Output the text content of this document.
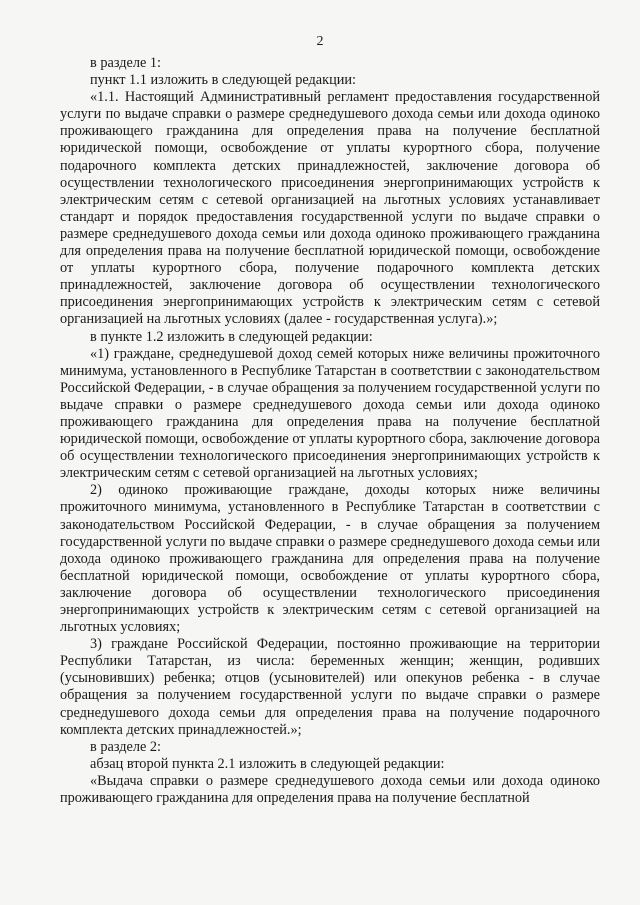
2

в разделе 1:

пункт 1.1 изложить в следующей редакции:

«1.1. Настоящий Административный регламент предоставления государственной услуги по выдаче справки о размере среднедушевого дохода семьи или дохода одиноко проживающего гражданина для определения права на получение бесплатной юридической помощи, освобождение от уплаты курортного сбора, получение подарочного комплекта детских принадлежностей, заключение договора об осуществлении технологического присоединения энергопринимающих устройств к электрическим сетям с сетевой организацией на льготных условиях устанавливает стандарт и порядок предоставления государственной услуги по выдаче справки о размере среднедушевого дохода семьи или дохода одиноко проживающего гражданина для определения права на получение бесплатной юридической помощи, освобождение от уплаты курортного сбора, получение подарочного комплекта детских принадлежностей, заключение договора об осуществлении технологического присоединения энергопринимающих устройств к электрическим сетям с сетевой организацией на льготных условиях (далее - государственная услуга).»;

в пункте 1.2 изложить в следующей редакции:

«1) граждане, среднедушевой доход семей которых ниже величины прожиточного минимума, установленного в Республике Татарстан в соответствии с законодательством Российской Федерации, - в случае обращения за получением государственной услуги по выдаче справки о размере среднедушевого дохода семьи или дохода одиноко проживающего гражданина для определения права на получение бесплатной юридической помощи, освобождение от уплаты курортного сбора, заключение договора об осуществлении технологического присоединения энергопринимающих устройств к электрическим сетям с сетевой организацией на льготных условиях;

2) одиноко проживающие граждане, доходы которых ниже величины прожиточного минимума, установленного в Республике Татарстан в соответствии с законодательством Российской Федерации, - в случае обращения за получением государственной услуги по выдаче справки о размере среднедушевого дохода семьи или дохода одиноко проживающего гражданина для определения права на получение бесплатной юридической помощи, освобождение от уплаты курортного сбора, заключение договора об осуществлении технологического присоединения энергопринимающих устройств к электрическим сетям с сетевой организацией на льготных условиях;

3) граждане Российской Федерации, постоянно проживающие на территории Республики Татарстан, из числа: беременных женщин; женщин, родивших (усыновивших) ребенка; отцов (усыновителей) или опекунов ребенка - в случае обращения за получением государственной услуги по выдаче справки о размере среднедушевого дохода семьи для определения права на получение подарочного комплекта детских принадлежностей.»;

в разделе 2:

абзац второй пункта 2.1 изложить в следующей редакции:

«Выдача справки о размере среднедушевого дохода семьи или дохода одиноко проживающего гражданина для определения права на получение бесплатной
